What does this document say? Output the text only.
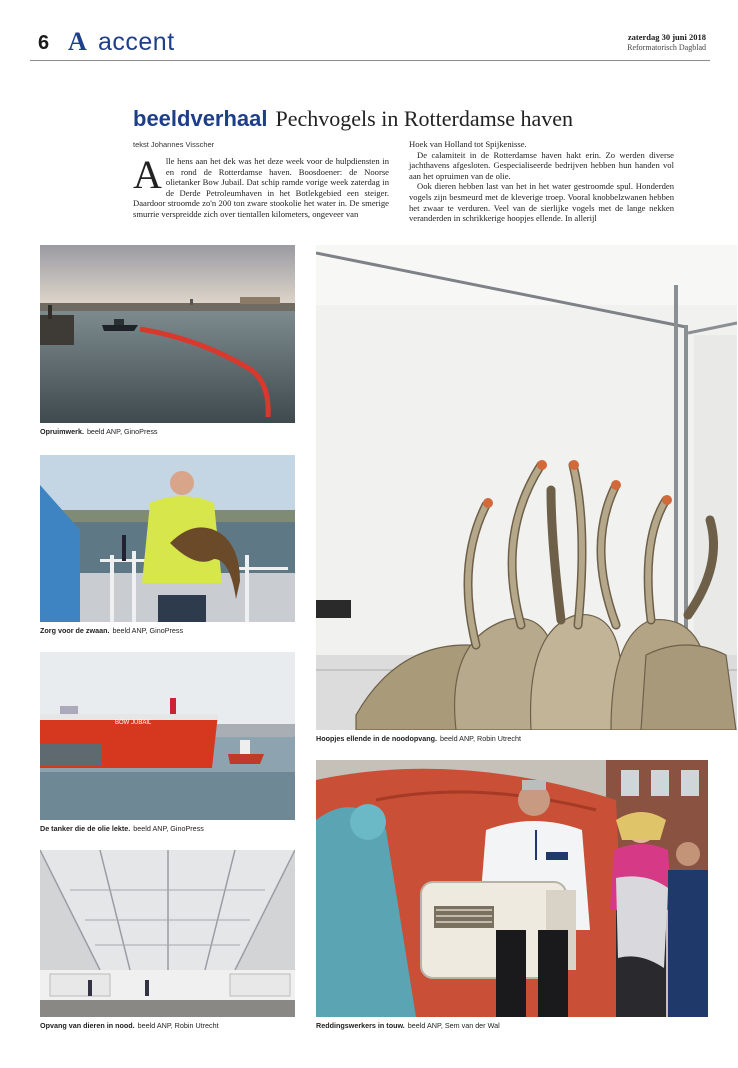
6 A accent	zaterdag 30 juni 2018
Reformatorisch Dagblad
beeldverhaal Pechvogels in Rotterdamse haven
tekst Johannes Visscher

Alle hens aan het dek was het deze week voor de hulpdiensten in en rond de Rotterdamse haven. Boosdoener: de Noorse olietanker Bow Jubail. Dat schip ramde vorige week zaterdag in de Derde Petroleumhaven in het Botlekgebied een steiger. Daardoor stroomde zo'n 200 ton zware stookolie het water in. De smerige smurrie verspreidde zich over tientallen kilometers, ongeveer van

Hoek van Holland tot Spijkenisse.

De calamiteit in de Rotterdamse haven hakt erin. Zo werden diverse jachthavens afgesloten. Gespecialiseerde bedrijven hebben hun handen vol aan het opruimen van de olie.

Ook dieren hebben last van het in het water gestroomde spul. Honderden vogels zijn besmeurd met de kleverige troep. Vooral knobbelzwanen hebben het zwaar te verduren. Veel van de sierlijke vogels met de lange nekken veranderden in schrikkerige hoopjes ellende. In allerijl

Opruimwerk. beeld ANP, GinoPress
Zorg voor de zwaan. beeld ANP, GinoPress
BOW JUBAIL
De tanker die de olie lekte. beeld ANP, GinoPress
Opvang van dieren in nood. beeld ANP, Robin Utrecht
Hoopjes ellende in de noodopvang. beeld ANP, Robin Utrecht
Reddingswerkers in touw. beeld ANP, Sem van der Wal
